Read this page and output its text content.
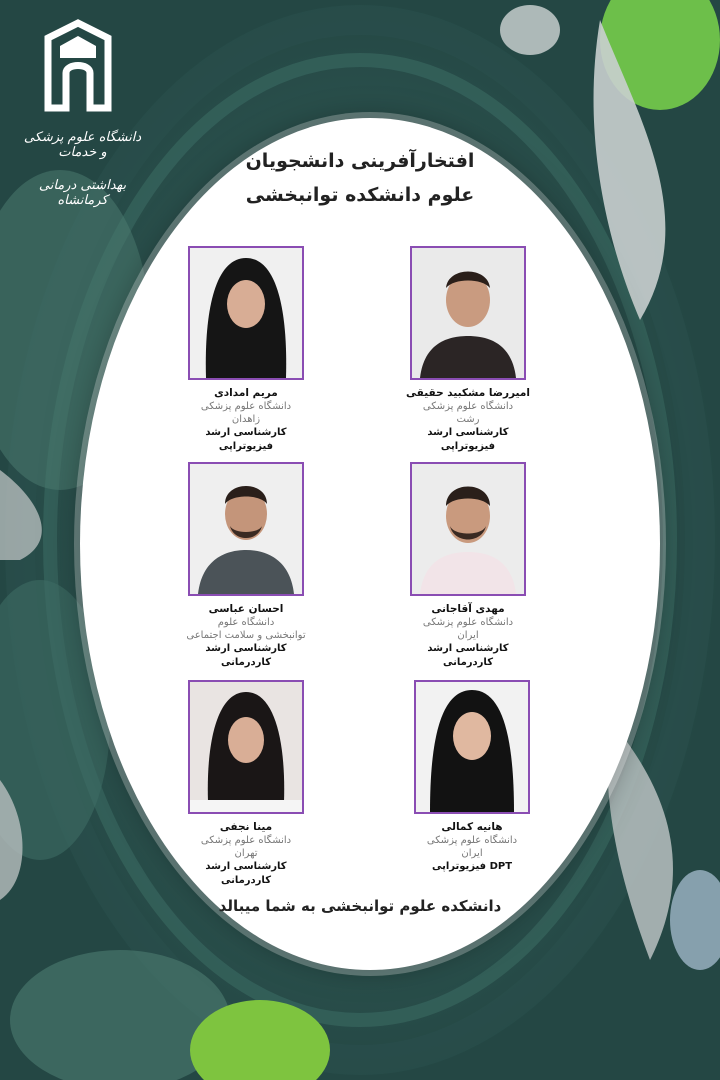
دانشگاه علوم پزشکی و خدمات
بهداشتی درمانی کرمانشاه
افتخارآفرینی دانشجویان
علوم دانشکده توانبخشی
امیررضا مشکبید حقیقی
دانشگاه علوم پزشکی
رشت
کارشناسی ارشد
فیزیوتراپی
مریم امدادی
دانشگاه علوم پزشکی
زاهدان
کارشناسی ارشد
فیزیوتراپی
مهدی آقاجانی
دانشگاه علوم پزشکی
ایران
کارشناسی ارشد
کاردرمانی
احسان عباسی
دانشگاه علوم
توانبخشی و سلامت اجتماعی
کارشناسی ارشد
کاردرمانی
هانیه کمالی
دانشگاه علوم پزشکی
ایران
DPT فیزیوتراپی
مینا نجفی
دانشگاه علوم پزشکی
تهران
کارشناسی ارشد
کاردرمانی
دانشکده علوم توانبخشی به شما میبالد
